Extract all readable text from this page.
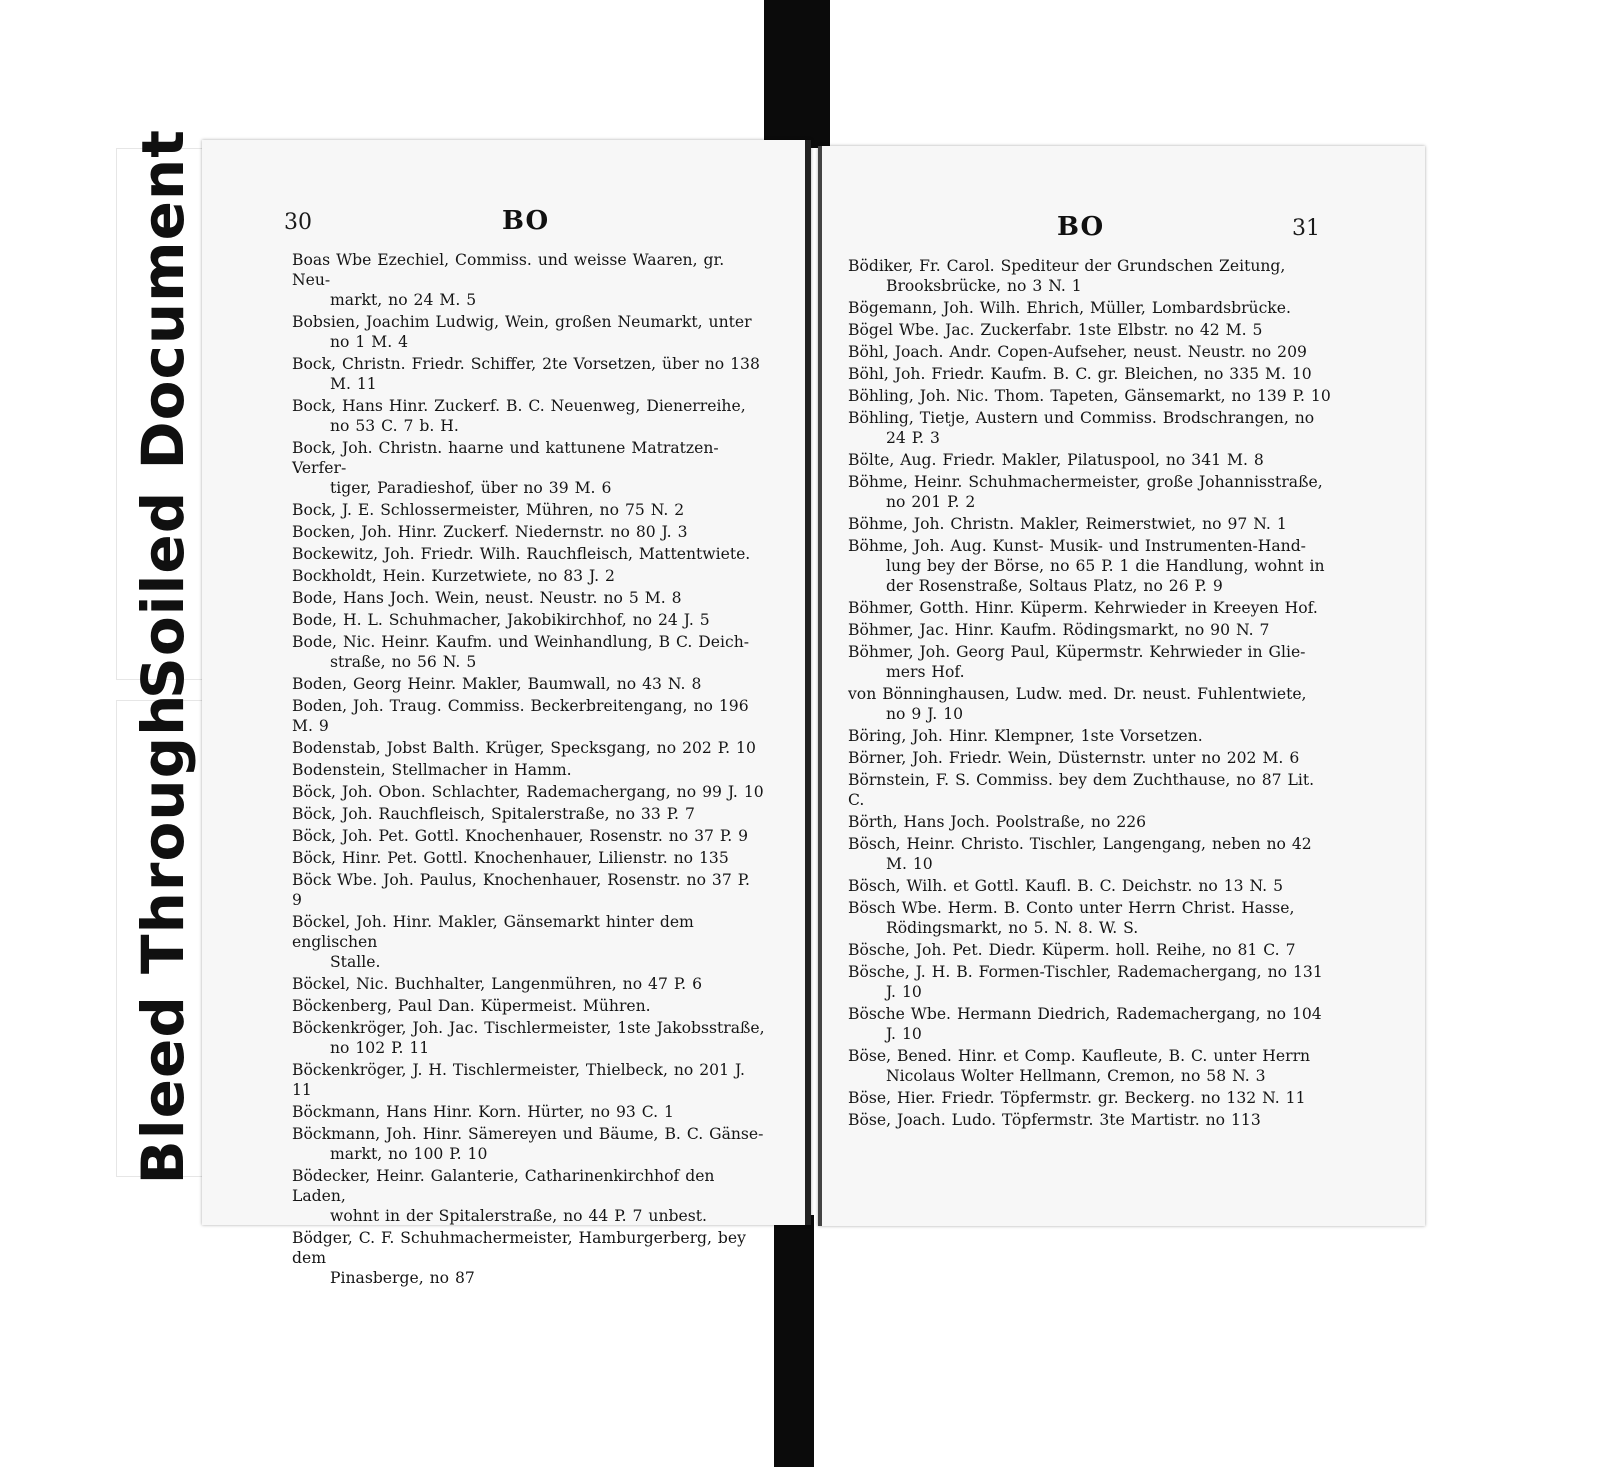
Soiled Document
Bleed Through
30	BO
Boas Wbe Ezechiel, Commiss. und weisse Waaren, gr. Neu-
markt, no 24 M. 5
Bobsien, Joachim Ludwig, Wein, großen Neumarkt, unter
no 1 M. 4
Bock, Christn. Friedr. Schiffer, 2te Vorsetzen, über no 138
M. 11
Bock, Hans Hinr. Zuckerf. B. C. Neuenweg, Dienerreihe,
no 53 C. 7 b. H.
Bock, Joh. Christn. haarne und kattunene Matratzen-Verfer-
tiger, Paradieshof, über no 39 M. 6
Bock, J. E. Schlossermeister, Mühren, no 75 N. 2
Bocken, Joh. Hinr. Zuckerf. Niedernstr. no 80 J. 3
Bockewitz, Joh. Friedr. Wilh. Rauchfleisch, Mattentwiete.
Bockholdt, Hein. Kurzetwiete, no 83 J. 2
Bode, Hans Joch. Wein, neust. Neustr. no 5 M. 8
Bode, H. L. Schuhmacher, Jakobikirchhof, no 24 J. 5
Bode, Nic. Heinr. Kaufm. und Weinhandlung, B C. Deich-
straße, no 56 N. 5
Boden, Georg Heinr. Makler, Baumwall, no 43 N. 8
Boden, Joh. Traug. Commiss. Beckerbreitengang, no 196 M. 9
Bodenstab, Jobst Balth. Krüger, Specksgang, no 202 P. 10
Bodenstein, Stellmacher in Hamm.
Böck, Joh. Obon. Schlachter, Rademachergang, no 99 J. 10
Böck, Joh. Rauchfleisch, Spitalerstraße, no 33 P. 7
Böck, Joh. Pet. Gottl. Knochenhauer, Rosenstr. no 37 P. 9
Böck, Hinr. Pet. Gottl. Knochenhauer, Lilienstr. no 135
Böck Wbe. Joh. Paulus, Knochenhauer, Rosenstr. no 37 P. 9
Böckel, Joh. Hinr. Makler, Gänsemarkt hinter dem englischen
Stalle.
Böckel, Nic. Buchhalter, Langenmühren, no 47 P. 6
Böckenberg, Paul Dan. Küpermeist. Mühren.
Böckenkröger, Joh. Jac. Tischlermeister, 1ste Jakobsstraße,
no 102 P. 11
Böckenkröger, J. H. Tischlermeister, Thielbeck, no 201 J. 11
Böckmann, Hans Hinr. Korn. Hürter, no 93 C. 1
Böckmann, Joh. Hinr. Sämereyen und Bäume, B. C. Gänse-
markt, no 100 P. 10
Bödecker, Heinr. Galanterie, Catharinenkirchhof den Laden,
wohnt in der Spitalerstraße, no 44 P. 7 unbest.
Bödger, C. F. Schuhmachermeister, Hamburgerberg, bey dem
Pinasberge, no 87
BO	31
Bödiker, Fr. Carol. Spediteur der Grundschen Zeitung,
Brooksbrücke, no 3 N. 1
Bögemann, Joh. Wilh. Ehrich, Müller, Lombardsbrücke.
Bögel Wbe. Jac. Zuckerfabr. 1ste Elbstr. no 42 M. 5
Böhl, Joach. Andr. Copen-Aufseher, neust. Neustr. no 209
Böhl, Joh. Friedr. Kaufm. B. C. gr. Bleichen, no 335 M. 10
Böhling, Joh. Nic. Thom. Tapeten, Gänsemarkt, no 139 P. 10
Böhling, Tietje, Austern und Commiss. Brodschrangen, no
24 P. 3
Bölte, Aug. Friedr. Makler, Pilatuspool, no 341 M. 8
Böhme, Heinr. Schuhmachermeister, große Johannisstraße,
no 201 P. 2
Böhme, Joh. Christn. Makler, Reimerstwiet, no 97 N. 1
Böhme, Joh. Aug. Kunst- Musik- und Instrumenten-Hand-
lung bey der Börse, no 65 P. 1 die Handlung, wohnt in der Rosenstraße, Soltaus Platz, no 26 P. 9
Böhmer, Gotth. Hinr. Küperm. Kehrwieder in Kreeyen Hof.
Böhmer, Jac. Hinr. Kaufm. Rödingsmarkt, no 90 N. 7
Böhmer, Joh. Georg Paul, Küpermstr. Kehrwieder in Glie-
mers Hof.
von Bönninghausen, Ludw. med. Dr. neust. Fuhlentwiete,
no 9 J. 10
Böring, Joh. Hinr. Klempner, 1ste Vorsetzen.
Börner, Joh. Friedr. Wein, Düsternstr. unter no 202 M. 6
Börnstein, F. S. Commiss. bey dem Zuchthause, no 87 Lit. C.
Börth, Hans Joch. Poolstraße, no 226
Bösch, Heinr. Christo. Tischler, Langengang, neben no 42
M. 10
Bösch, Wilh. et Gottl. Kaufl. B. C. Deichstr. no 13 N. 5
Bösch Wbe. Herm. B. Conto unter Herrn Christ. Hasse,
Rödingsmarkt, no 5. N. 8. W. S.
Bösche, Joh. Pet. Diedr. Küperm. holl. Reihe, no 81 C. 7
Bösche, J. H. B. Formen-Tischler, Rademachergang, no 131
J. 10
Bösche Wbe. Hermann Diedrich, Rademachergang, no 104
J. 10
Böse, Bened. Hinr. et Comp. Kaufleute, B. C. unter Herrn
Nicolaus Wolter Hellmann, Cremon, no 58 N. 3
Böse, Hier. Friedr. Töpfermstr. gr. Beckerg. no 132 N. 11
Böse, Joach. Ludo. Töpfermstr. 3te Martistr. no 113
